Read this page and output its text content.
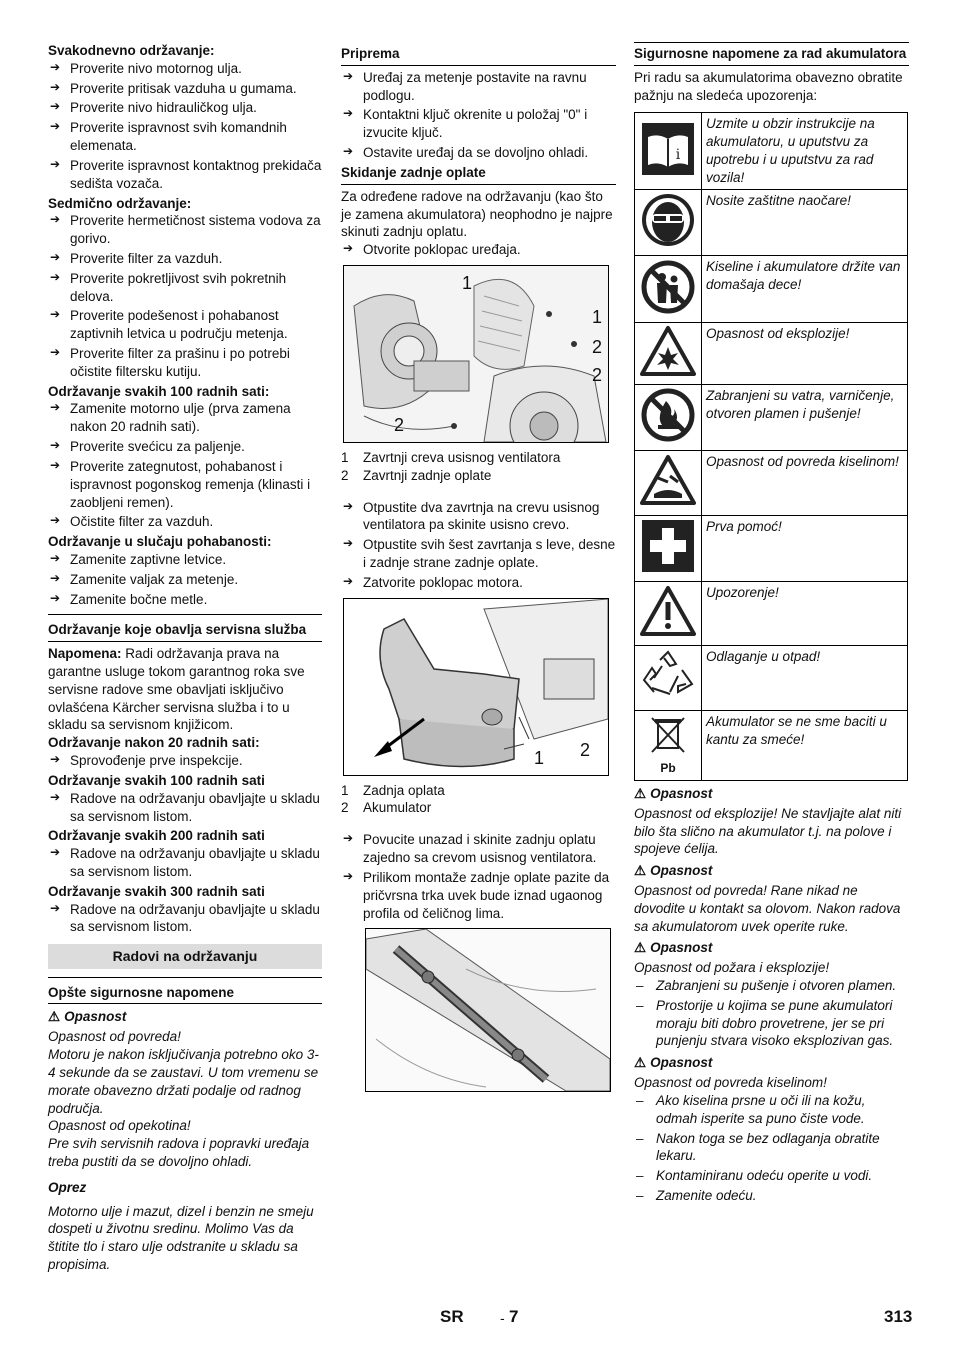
Svakodnevno održavanje:

➔
Proverite nivo motornog ulja.
➔
Proverite pritisak vazduha u gumama.
➔
Proverite nivo hidrauličkog ulja.
➔
Proverite ispravnost svih komandnih elemenata.
➔
Proverite ispravnost kontaktnog prekidača sedišta vozača.

Sedmično održavanje:

➔
Proverite hermetičnost sistema vodova za gorivo.
➔
Proverite filter za vazduh.
➔
Proverite pokretljivost svih pokretnih delova.
➔
Proverite podešenost i pohabanost zaptivnih letvica u području metenja.
➔
Proverite filter za prašinu i po potrebi očistite filtersku kutiju.

Održavanje svakih 100 radnih sati:

➔
Zamenite motorno ulje (prva zamena nakon 20 radnih sati).
➔
Proverite svećicu za paljenje.
➔
Proverite zategnutost, pohabanost i ispravnost pogonskog remenja (klinasti i zaobljeni remen).
➔
Očistite filter za vazduh.

Održavanje u slučaju pohabanosti:

➔
Zamenite zaptivne letvice.
➔
Zamenite valjak za metenje.
➔
Zamenite bočne metle.

Održavanje koje obavlja servisna služba

Napomena: Radi održavanja prava na garantne usluge tokom garantnog roka sve servisne radove sme obavljati isključivo ovlašćena Kärcher servisna služba i to u skladu sa servisnom knjižicom.

Održavanje nakon 20 radnih sati:

➔
Sprovođenje prve inspekcije.

Održavanje svakih 100 radnih sati

➔
Radove na održavanju obavljajte u skladu sa servisnom listom.

Održavanje svakih 200 radnih sati

➔
Radove na održavanju obavljajte u skladu sa servisnom listom.

Održavanje svakih 300 radnih sati

➔
Radove na održavanju obavljajte u skladu sa servisnom listom.
Radovi na održavanju

Opšte sigurnosne napomene

⚠ Opasnost

Opasnost od povreda!

Motoru je nakon isključivanja potrebno oko 3-4 sekunde da se zaustavi. U tom vremenu se morate obavezno držati podalje od radnog područja.

Opasnost od opekotina!

Pre svih servisnih radova i popravki uređaja treba pustiti da se dovoljno ohladi.

Oprez

Motorno ulje i mazut, dizel i benzin ne smeju dospeti u životnu sredinu. Molimo Vas da štitite tlo i staro ulje odstranite u skladu sa propisima.

Priprema

➔
Uređaj za metenje postavite na ravnu podlogu.
➔
Kontaktni ključ okrenite u položaj "0" i izvucite ključ.
➔
Ostavite uređaj da se dovoljno ohladi.

Skidanje zadnje oplate

Za određene radove na održavanju (kao što je zamena akumulatora) neophodno je najpre skinuti zadnju oplatu.

➔
Otvorite poklopac uređaja.
1
1
2
2
2
1	Zavrtnji creva usisnog ventilatora
2	Zavrtnji zadnje oplate
➔
Otpustite dva zavrtnja na crevu usisnog ventilatora pa skinite usisno crevo.
➔
Otpustite svih šest zavrtanja s leve, desne i zadnje strane zadnje oplate.
➔
Zatvorite poklopac motora.
1 2
1	Zadnja oplata
2	Akumulator
➔
Povucite unazad i skinite zadnju oplatu zajedno sa crevom usisnog ventilatora.
➔
Prilikom montaže zadnje oplate pazite da pričvrsna trka uvek bude iznad ugaonog profila od čeličnog lima.

Sigurnosne napomene za rad akumulatora

Pri radu sa akumulatorima obavezno obratite pažnju na sledeća upozorenja:

i	Uzmite u obzir instrukcije na akumulatoru, u uputstvu za upotrebu i u uputstvu za rad vozila!
	Nosite zaštitne naočare!
	Kiseline i akumulatore držite van domašaja dece!
	Opasnost od eksplozije!
	Zabranjeni su vatra, varničenje, otvoren plamen i pušenje!
	Opasnost od povreda kiselinom!
	Prva pomoć!
	Upozorenje!
	Odlaganje u otpad!

Pb	Akumulator se ne sme baciti u kantu za smeće!

⚠ Opasnost

Opasnost od eksplozije! Ne stavljajte alat niti bilo šta slično na akumulator t.j. na polove i spojeve ćelija.

⚠ Opasnost

Opasnost od povreda! Rane nikad ne dovodite u kontakt sa olovom. Nakon radova sa akumulatorom uvek operite ruke.

⚠ Opasnost

Opasnost od požara i eksplozije!

– Zabranjeni su pušenje i otvoren plamen.
– Prostorije u kojima se pune akumulatori moraju biti dobro provetrene, jer se pri punjenju stvara visoko eksplozivan gas.

⚠ Opasnost

Opasnost od povreda kiselinom!

– Ako kiselina prsne u oči ili na kožu, odmah isperite sa puno čiste vode.
– Nakon toga se bez odlaganja obratite lekaru.
– Kontaminiranu odeću operite u vodi.
– Zamenite odeću.
SR	- 7	313
